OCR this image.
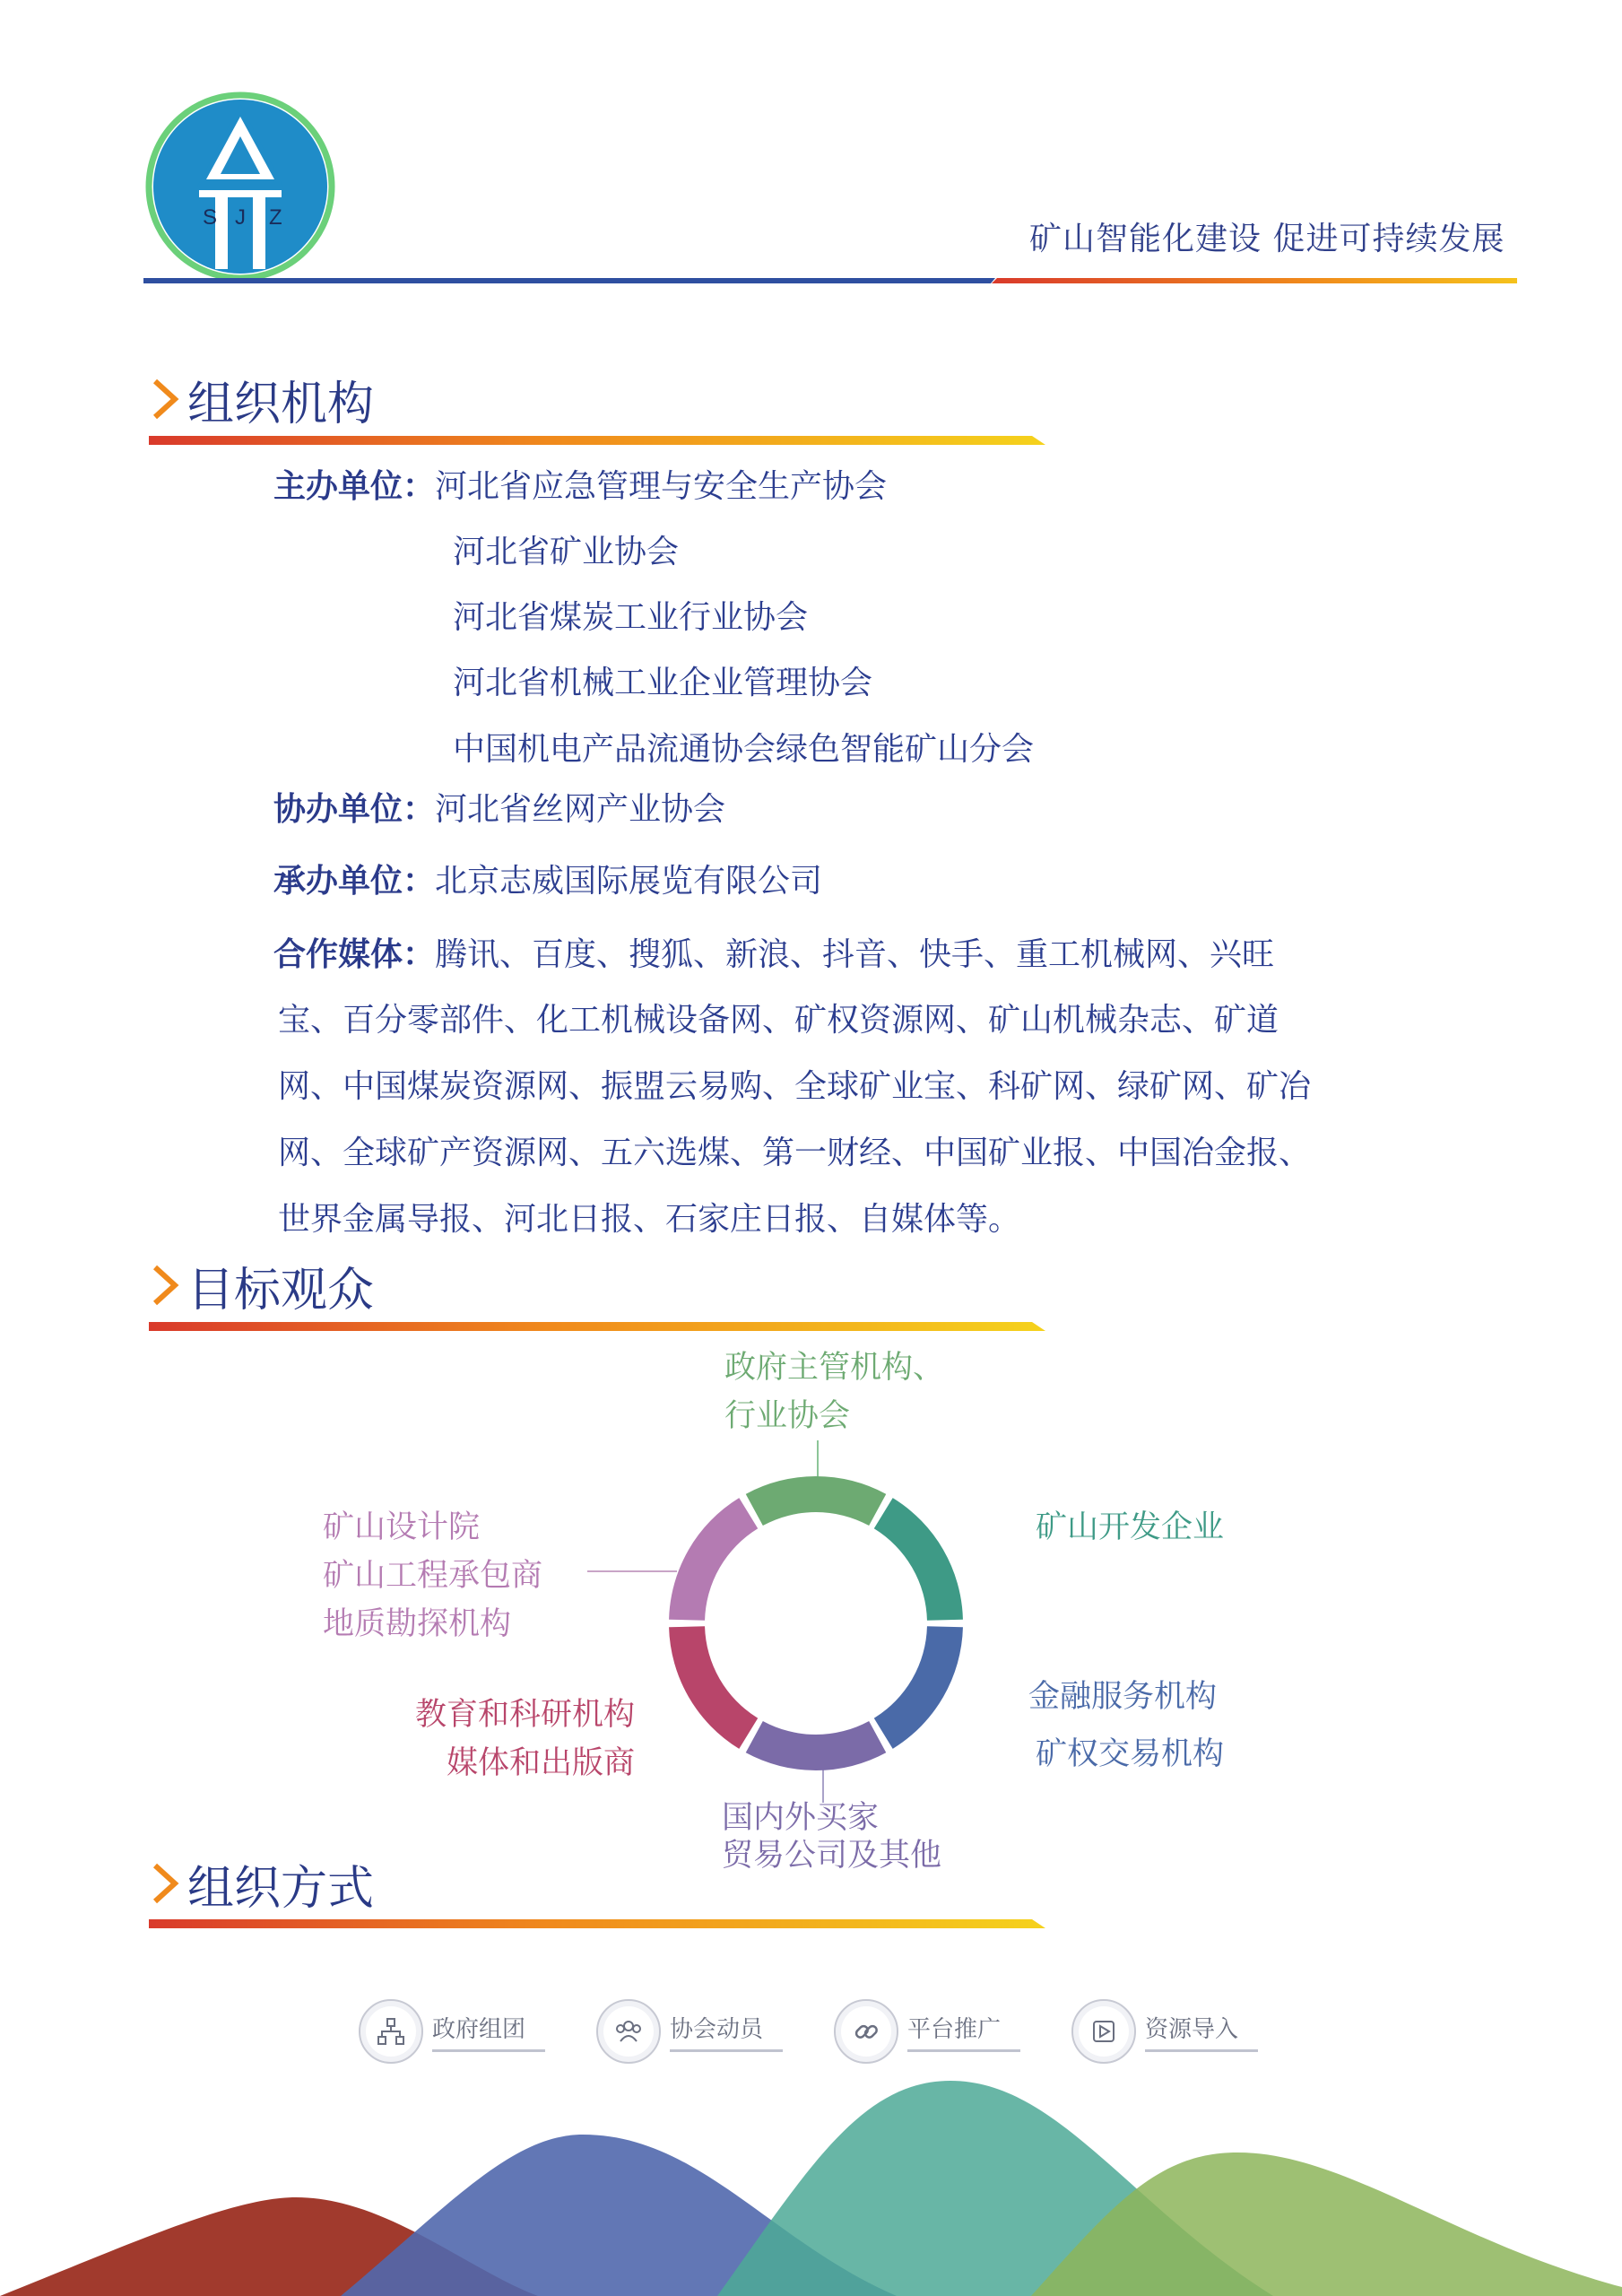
S J Z
矿山智能化建设 促进可持续发展
组织机构
主办单位：河北省应急管理与安全生产协会
河北省矿业协会
河北省煤炭工业行业协会
河北省机械工业企业管理协会
中国机电产品流通协会绿色智能矿山分会
协办单位：河北省丝网产业协会
承办单位：北京志威国际展览有限公司
合作媒体：腾讯、百度、搜狐、新浪、抖音、快手、重工机械网、兴旺
宝、百分零部件、化工机械设备网、矿权资源网、矿山机械杂志、矿道
网、中国煤炭资源网、振盟云易购、全球矿业宝、科矿网、绿矿网、矿冶
网、全球矿产资源网、五六选煤、第一财经、中国矿业报、中国冶金报、
世界金属导报、河北日报、石家庄日报、自媒体等。
目标观众
政府主管机构、
行业协会
矿山开发企业
金融服务机构
矿权交易机构
国内外买家
贸易公司及其他
教育和科研机构
媒体和出版商
矿山设计院
矿山工程承包商
地质勘探机构
组织方式
政府组团	协会动员	平台推广	资源导入
